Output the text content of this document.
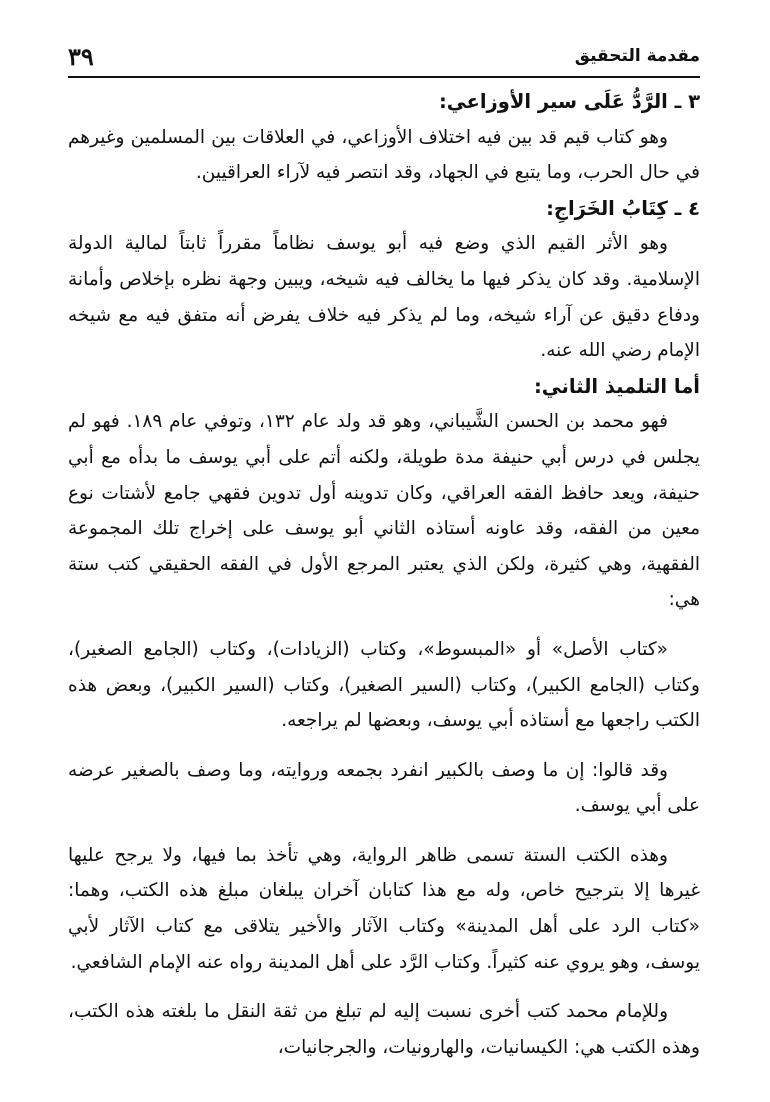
٣٩	مقدمة التحقيق

٣ ـ الرَّدُّ عَلَى سير الأوزاعي:

وهو كتاب قيم قد بين فيه اختلاف الأوزاعي، في العلاقات بين المسلمين وغيرهم في حال الحرب، وما يتبع في الجهاد، وقد انتصر فيه لآراء العراقيين.

٤ ـ كِتَابُ الخَرَاجِ:

وهو الأثر القيم الذي وضع فيه أبو يوسف نظاماً مقرراً ثابتاً لمالية الدولة الإسلامية. وقد كان يذكر فيها ما يخالف فيه شيخه، ويبين وجهة نظره بإخلاص وأمانة ودفاع دقيق عن آراء شيخه، وما لم يذكر فيه خلاف يفرض أنه متفق فيه مع شيخه الإمام رضي الله عنه.

أما التلميذ الثاني:

فهو محمد بن الحسن الشَّيباني، وهو قد ولد عام ١٣٢، وتوفي عام ١٨٩. فهو لم يجلس في درس أبي حنيفة مدة طويلة، ولكنه أتم على أبي يوسف ما بدأه مع أبي حنيفة، ويعد حافظ الفقه العراقي، وكان تدوينه أول تدوين فقهي جامع لأشتات نوع معين من الفقه، وقد عاونه أستاذه الثاني أبو يوسف على إخراج تلك المجموعة الفقهية، وهي كثيرة، ولكن الذي يعتبر المرجع الأول في الفقه الحقيقي كتب ستة هي:

«كتاب الأصل» أو «المبسوط»، وكتاب (الزيادات)، وكتاب (الجامع الصغير)، وكتاب (الجامع الكبير)، وكتاب (السير الصغير)، وكتاب (السير الكبير)، وبعض هذه الكتب راجعها مع أستاذه أبي يوسف، وبعضها لم يراجعه.

وقد قالوا: إن ما وصف بالكبير انفرد بجمعه وروايته، وما وصف بالصغير عرضه على أبي يوسف.

وهذه الكتب الستة تسمى ظاهر الرواية، وهي تأخذ بما فيها، ولا يرجح عليها غيرها إلا بترجيح خاص، وله مع هذا كتابان آخران يبلغان مبلغ هذه الكتب، وهما: «كتاب الرد على أهل المدينة» وكتاب الآثار والأخير يتلاقى مع كتاب الآثار لأبي يوسف، وهو يروي عنه كثيراً. وكتاب الرَّد على أهل المدينة رواه عنه الإمام الشافعي.

وللإمام محمد كتب أخرى نسبت إليه لم تبلغ من ثقة النقل ما بلغته هذه الكتب، وهذه الكتب هي: الكيسانيات، والهارونيات، والجرجانيات،
